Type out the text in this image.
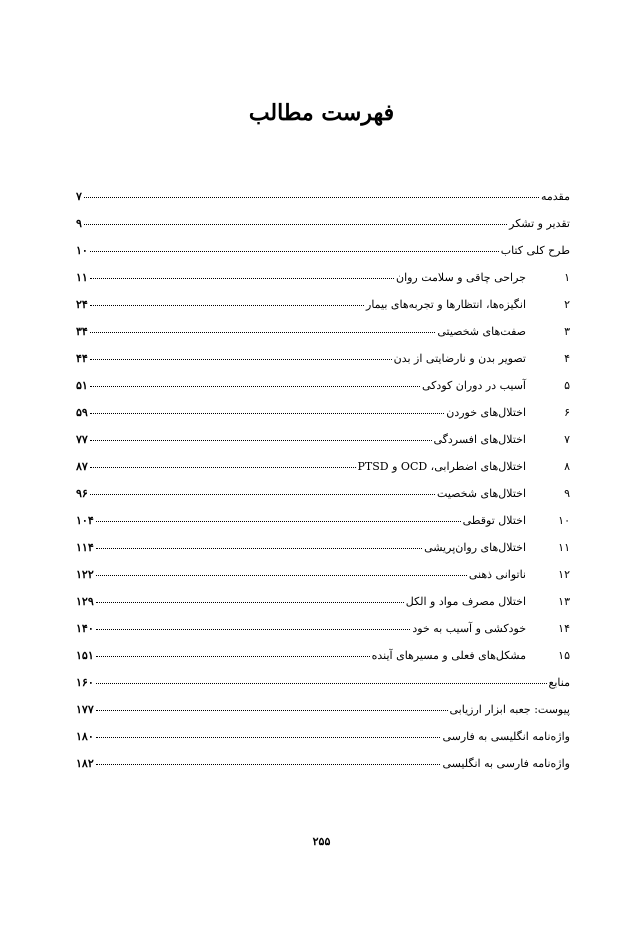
فهرست مطالب
مقدمه
۷
تقدیر و تشکر
۹
طرح کلی کتاب
۱۰
۱
جراحی چاقی و سلامت روان
۱۱
۲
انگیزه‌ها، انتظارها و تجربه‌های بیمار
۲۴
۳
صفت‌های شخصیتی
۳۴
۴
تصویر بدن و نارضایتی از بدن
۴۴
۵
آسیب در دوران کودکی
۵۱
۶
اختلال‌های خوردن
۵۹
۷
اختلال‌های افسردگی
۷۷
۸
اختلال‌های اضطرابی، OCD و PTSD
۸۷
۹
اختلال‌های شخصیت
۹۶
۱۰
اختلال توقطی
۱۰۴
۱۱
اختلال‌های روان‌پریشی
۱۱۴
۱۲
ناتوانی ذهنی
۱۲۲
۱۳
اختلال مصرف مواد و الکل
۱۲۹
۱۴
خودکشی و آسیب به خود
۱۴۰
۱۵
مشکل‌های فعلی و مسیرهای آینده
۱۵۱
منابع
۱۶۰
پیوست: جعبه ابزار ارزیابی
۱۷۷
واژه‌نامه انگلیسی به فارسی
۱۸۰
واژه‌نامه فارسی به انگلیسی
۱۸۲
۲۵۵
